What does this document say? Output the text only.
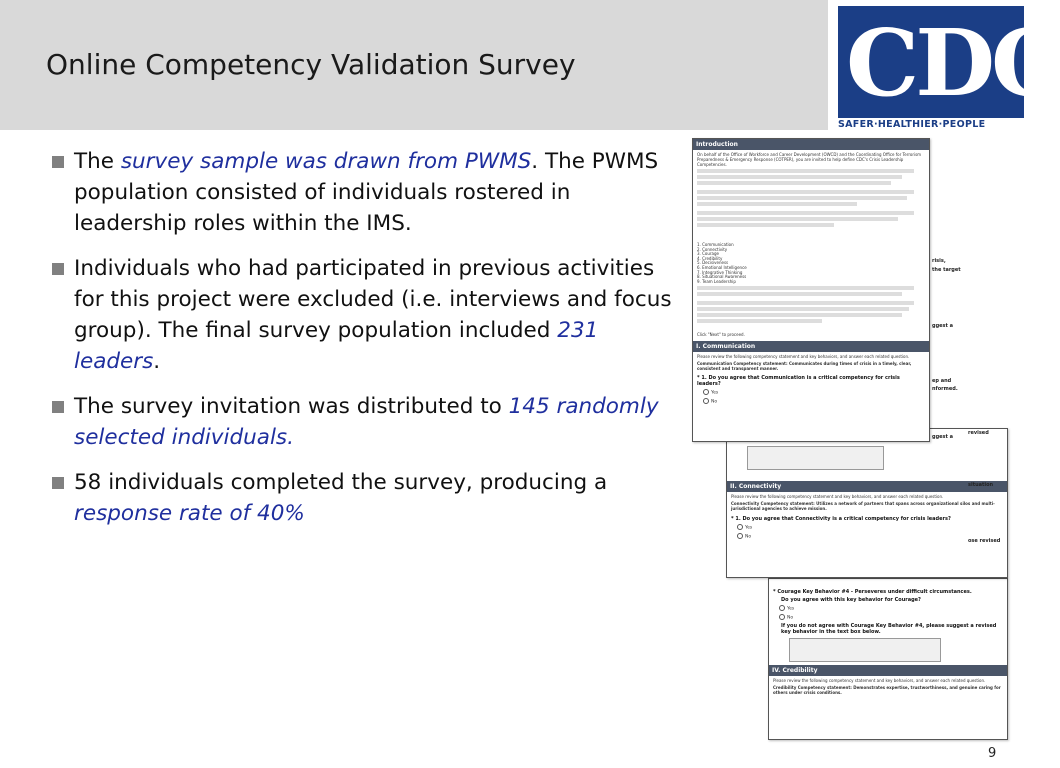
Online Competency Validation Survey	CDC
SAFER·HEALTHIER·PEOPLE
The survey sample was drawn from PWMS. The PWMS population consisted of individuals rostered in leadership roles within the IMS.
Individuals who had participated in previous activities for this project were excluded (i.e. interviews and focus group). The final survey population included 231 leaders.
The survey invitation was distributed to 145 randomly selected individuals.
58 individuals completed the survey, producing a response rate of 40%
* Courage Key Behavior #4 - Perseveres under difficult circumstances.
Do you agree with this key behavior for Courage?
Yes
No
If you do not agree with Courage Key Behavior #4, please suggest a revised key behavior in the text box below.
IV. Credibility
Please review the following competency statement and key behaviors, and answer each related question.
Credibility Competency statement: Demonstrates expertise, trustworthiness, and genuine caring for others under crisis conditions.
II. Connectivity
Please review the following competency statement and key behaviors, and answer each related question.
Connectivity Competency statement: Utilizes a network of partners that spans across organizational silos and multi-jurisdictional agencies to achieve mission.
* 1. Do you agree that Connectivity is a critical competency for crisis leaders?
Yes
No
risis,
the target
ggest a
ep and
nformed.
ggest a
revised
situation
ose revised
Introduction
On behalf of the Office of Workforce and Career Development (OWCD) and the Coordinating Office for Terrorism Preparedness & Emergency Response (COTPER), you are invited to help define CDC's Crisis Leadership Competencies.
1. Communication
2. Connectivity
3. Courage
4. Credibility
5. Decisiveness
6. Emotional Intelligence
7. Integrative Thinking
8. Situational Awareness
9. Team Leadership
Click "Next" to proceed.
I. Communication
Please review the following competency statement and key behaviors, and answer each related question.
Communication Competency statement: Communicates during times of crisis in a timely, clear, consistent and transparent manner.
* 1. Do you agree that Communication is a critical competency for crisis leaders?
Yes
No
9
